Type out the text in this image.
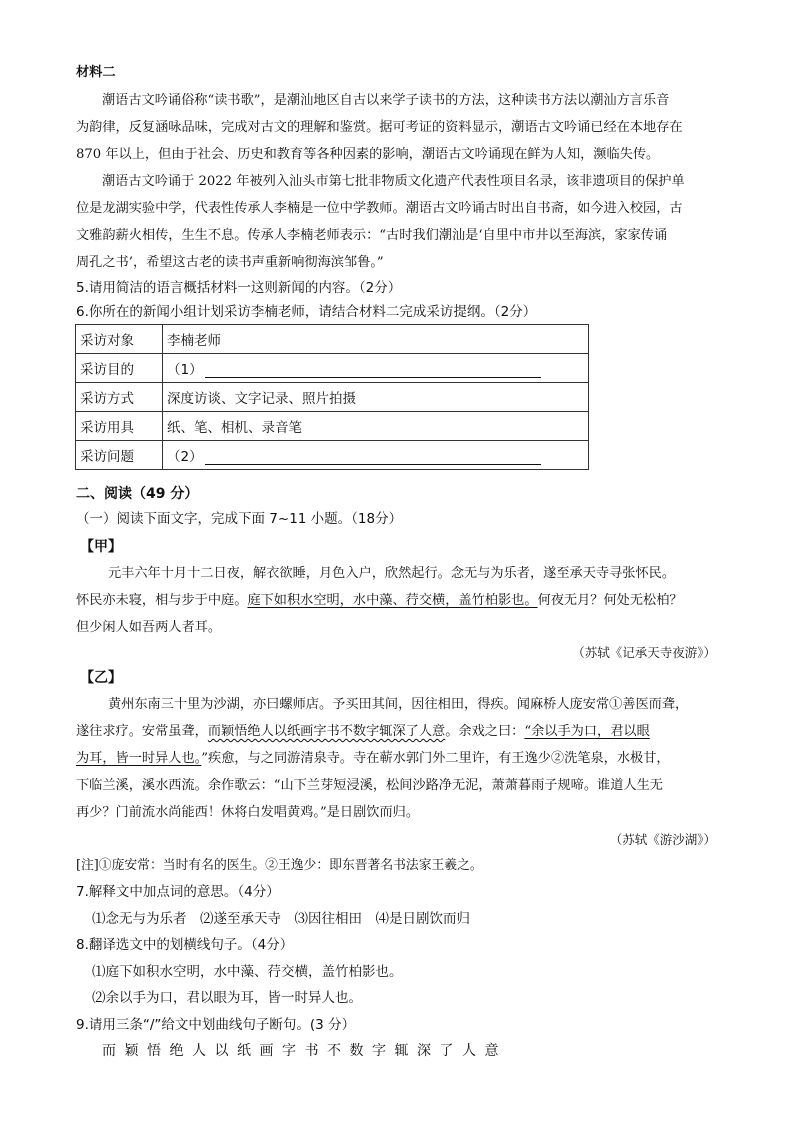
材料二
潮语古文吟诵俗称“读书歌”，是潮汕地区自古以来学子读书的方法，这种读书方法以潮汕方言乐音
为韵律，反复涵咏品味，完成对古文的理解和鉴赏。据可考证的资料显示，潮语古文吟诵已经在本地存在
870 年以上，但由于社会、历史和教育等各种因素的影响，潮语古文吟诵现在鲜为人知，濒临失传。
潮语古文吟诵于 2022 年被列入汕头市第七批非物质文化遗产代表性项目名录，该非遗项目的保护单
位是龙湖实验中学，代表性传承人李楠是一位中学教师。潮语古文吟诵古时出自书斋，如今进入校园，古
文雅韵薪火相传，生生不息。传承人李楠老师表示：“古时我们潮汕是‘自里中市井以至海滨，家家传诵
周孔之书’，希望这古老的读书声重新响彻海滨邹鲁。”
5.请用简洁的语言概括材料一这则新闻的内容。（2分）
6.你所在的新闻小组计划采访李楠老师，请结合材料二完成采访提纲。（2分）
采访对象	李楠老师
采访目的	（1）
采访方式	深度访谈、文字记录、照片拍摄
采访用具	纸、笔、相机、录音笔
采访问题	（2）
二、阅读（49 分）
（一）阅读下面文字，完成下面 7~11 小题。（18分）
【甲】
元丰六年十月十二日夜，解衣欲睡，月色入户，欣然起行。念无与为乐者，遂至承天寺寻张怀民。
怀民亦未寝，相与步于中庭。庭下如积水空明，水中藻、荇交横，盖竹柏影也。何夜无月？何处无松柏？
但少闲人如吾两人者耳。
（苏轼《记承天寺夜游》）
【乙】
黄州东南三十里为沙湖，亦曰螺师店。予买田其间，因往相田，得疾。闻麻桥人庞安常①善医而聋，
遂往求疗。安常虽聋，而颖悟绝人以纸画字书不数字辄深了人意。余戏之曰：“余以手为口，君以眼
为耳，皆一时异人也。”疾愈，与之同游清泉寺。寺在蕲水郭门外二里许，有王逸少②洗笔泉，水极甘，
下临兰溪，溪水西流。余作歌云：“山下兰芽短浸溪，松间沙路净无泥，萧萧暮雨子规啼。谁道人生无
再少？门前流水尚能西！休将白发唱黄鸡。”是日剧饮而归。
（苏轼《游沙湖》）
[注]①庞安常：当时有名的医生。②王逸少：即东晋著名书法家王羲之。
7.解释文中加点词的意思。（4分）
⑴念无与为乐者　⑵遂至承天寺　⑶因往相田　⑷是日剧饮而归
8.翻译选文中的划横线句子。（4分）
⑴庭下如积水空明，水中藻、荇交横，盖竹柏影也。
⑵余以手为口，君以眼为耳，皆一时异人也。
9.请用三条“/”给文中划曲线句子断句。(3 分）
而颖悟绝人以纸画字书不数字辄深了人意
